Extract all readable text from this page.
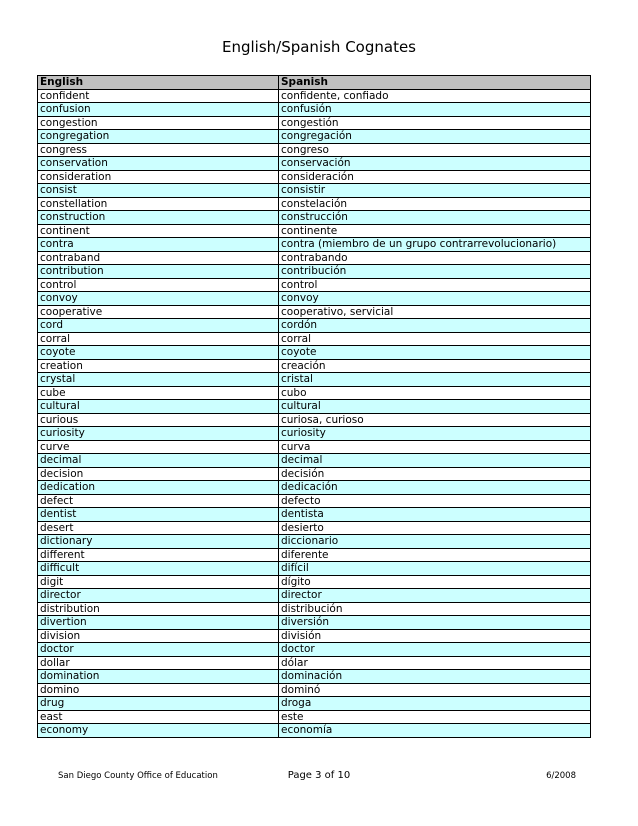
English/Spanish Cognates
English	Spanish
confident	confidente, confiado
confusion	confusión
congestion	congestión
congregation	congregación
congress	congreso
conservation	conservación
consideration	consideración
consist	consistir
constellation	constelación
construction	construcción
continent	continente
contra	contra (miembro de un grupo contrarrevolucionario)
contraband	contrabando
contribution	contribución
control	control
convoy	convoy
cooperative	cooperativo, servicial
cord	cordón
corral	corral
coyote	coyote
creation	creación
crystal	cristal
cube	cubo
cultural	cultural
curious	curiosa, curioso
curiosity	curiosity
curve	curva
decimal	decimal
decision	decisión
dedication	dedicación
defect	defecto
dentist	dentista
desert	desierto
dictionary	diccionario
different	diferente
difficult	difícil
digit	dígito
director	director
distribution	distribución
divertion	diversión
division	división
doctor	doctor
dollar	dólar
domination	dominación
domino	dominó
drug	droga
east	este
economy	economía
San Diego County Office of Education	Page 3 of 10	6/2008
